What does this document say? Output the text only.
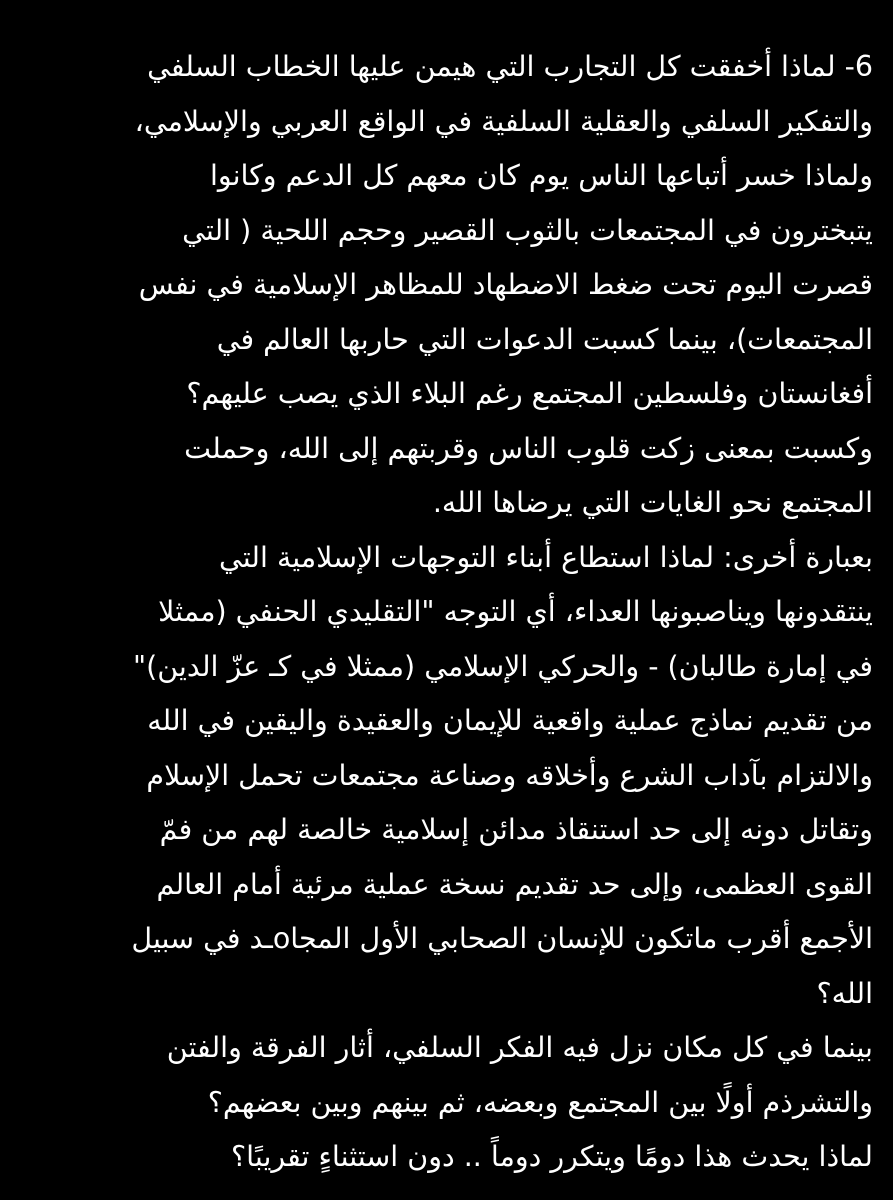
6- لماذا أخفقت كل التجارب التي هيمن عليها الخطاب السلفي
والتفكير السلفي والعقلية السلفية في الواقع العربي والإسلامي،
ولماذا خسر أتباعها الناس يوم كان معهم كل الدعم وكانوا
يتبخترون في المجتمعات بالثوب القصير وحجم اللحية ( التي
قصرت اليوم تحت ضغط الاضطهاد للمظاهر الإسلامية في نفس
المجتمعات)، بينما كسبت الدعوات التي حاربها العالم في
أفغانستان وفلسطين المجتمع رغم البلاء الذي يصب عليهم؟
وكسبت بمعنى زكت قلوب الناس وقربتهم إلى الله، وحملت
المجتمع نحو الغايات التي يرضاها الله.
بعبارة أخرى: لماذا استطاع أبناء التوجهات الإسلامية التي
ينتقدونها ويناصبونها العداء، أي التوجه "التقليدي الحنفي (ممثلا
في إمارة طالبان) - والحركي الإسلامي (ممثلا في كـ عزّ الدين)"
من تقديم نماذج عملية واقعية للإيمان والعقيدة واليقين في الله
والالتزام بآداب الشرع وأخلاقه وصناعة مجتمعات تحمل الإسلام
وتقاتل دونه إلى حد استنقاذ مدائن إسلامية خالصة لهم من فمّ
القوى العظمى، وإلى حد تقديم نسخة عملية مرئية أمام العالم
الأجمع أقرب ماتكون للإنسان الصحابي الأول المجاoـد في سبيل
الله؟
بينما في كل مكان نزل فيه الفكر السلفي، أثار الفرقة والفتن
والتشرذم أولًا بين المجتمع وبعضه، ثم بينهم وبين بعضهم؟
لماذا يحدث هذا دومًا ويتكرر دوماً .. دون استثناءٍ تقريبًا؟
